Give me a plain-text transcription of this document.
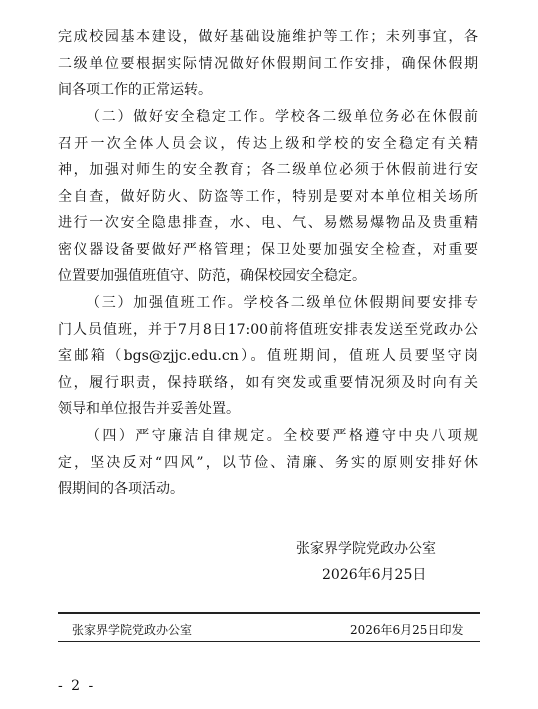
完成校园基本建设，做好基础设施维护等工作；未列事宜，各
二级单位要根据实际情况做好休假期间工作安排，确保休假期
间各项工作的正常运转。
（二）做好安全稳定工作。学校各二级单位务必在休假前
召开一次全体人员会议，传达上级和学校的安全稳定有关精
神，加强对师生的安全教育；各二级单位必须于休假前进行安
全自查，做好防火、防盗等工作，特别是要对本单位相关场所
进行一次安全隐患排查，水、电、气、易燃易爆物品及贵重精
密仪器设备要做好严格管理；保卫处要加强安全检查，对重要
位置要加强值班值守、防范，确保校园安全稳定。
（三）加强值班工作。学校各二级单位休假期间要安排专
门人员值班，并于7月8日17:00前将值班安排表发送至党政办公
室邮箱（bgs@zjjc.edu.cn）。值班期间，值班人员要坚守岗
位，履行职责，保持联络，如有突发或重要情况须及时向有关
领导和单位报告并妥善处置。
（四）严守廉洁自律规定。全校要严格遵守中央八项规
定，坚决反对“四风”，以节俭、清廉、务实的原则安排好休
假期间的各项活动。
张家界学院党政办公室
2026年6月25日
张家界学院党政办公室	2026年6月25日印发
- 2 -
